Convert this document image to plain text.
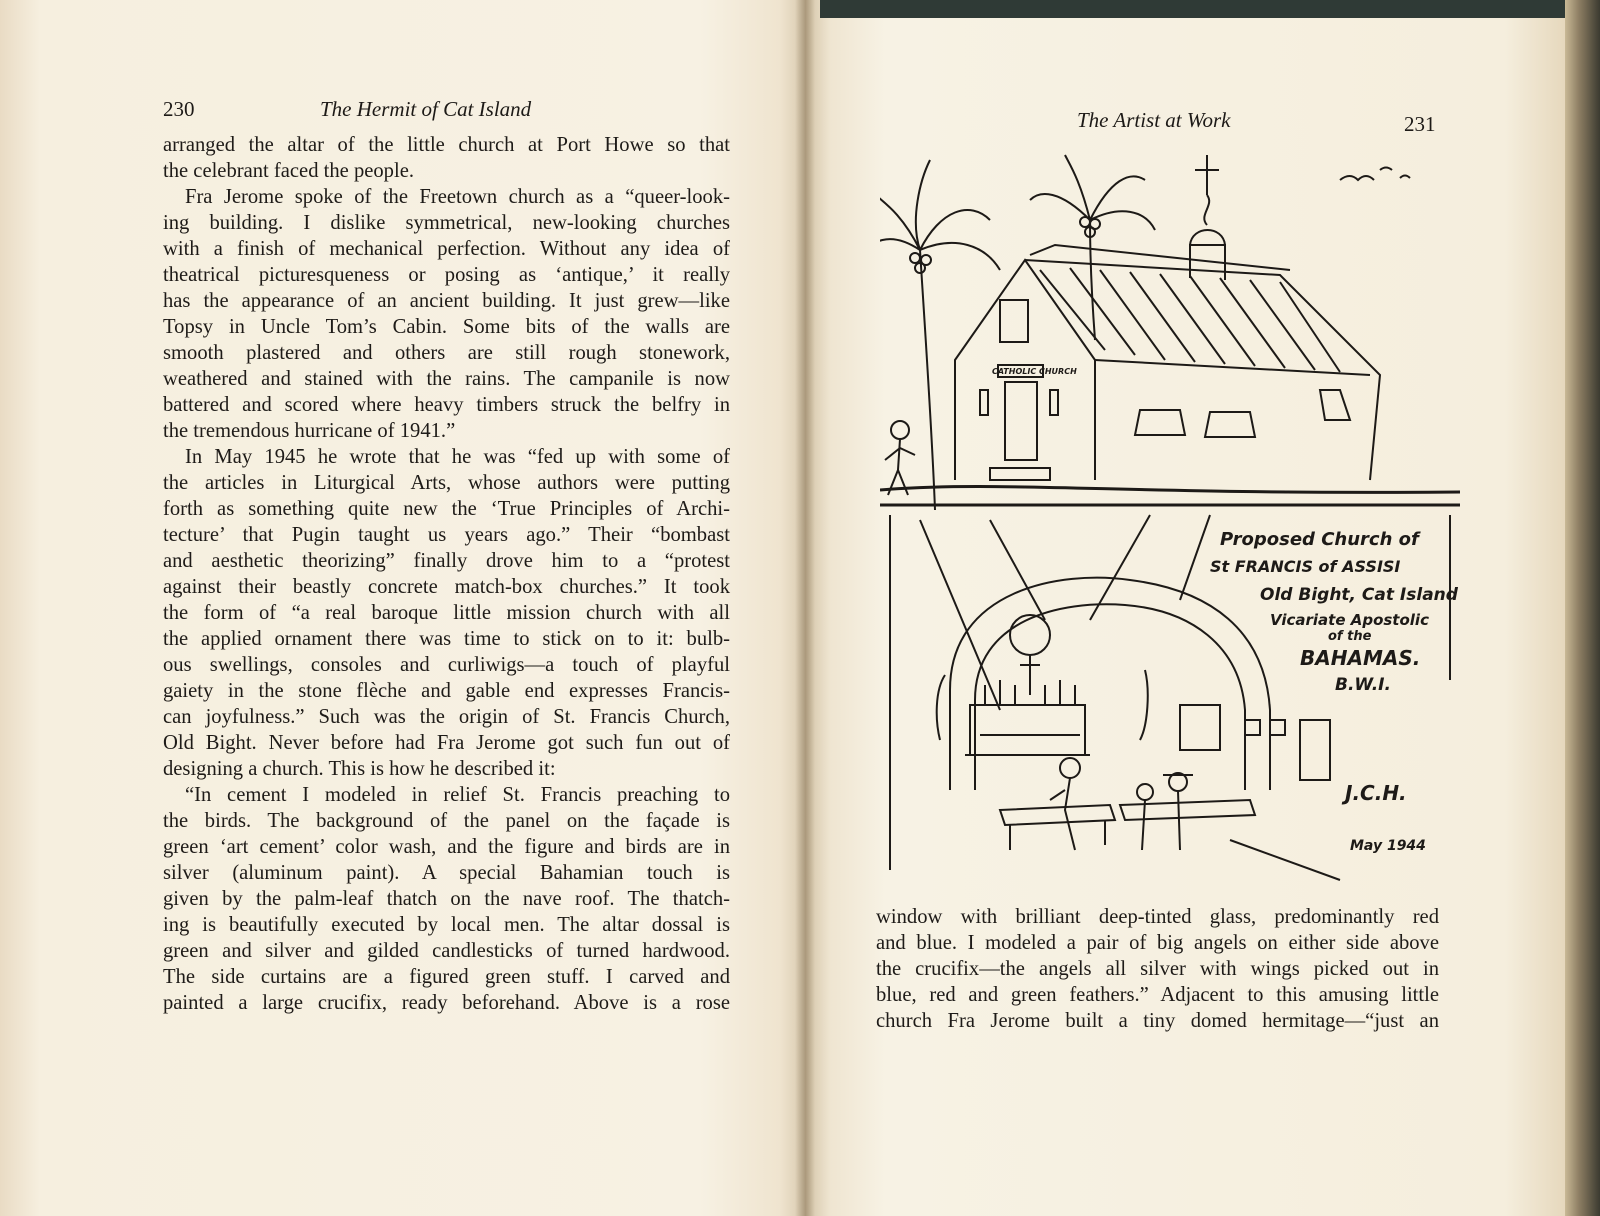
230	The Hermit of Cat Island
arranged the altar of the little church at Port Howe so that
the celebrant faced the people.
Fra Jerome spoke of the Freetown church as a “queer-look-
ing building. I dislike symmetrical, new-looking churches
with a finish of mechanical perfection. Without any idea of
theatrical picturesqueness or posing as ‘antique,’ it really
has the appearance of an ancient building. It just grew—like
Topsy in Uncle Tom’s Cabin. Some bits of the walls are
smooth plastered and others are still rough stonework,
weathered and stained with the rains. The campanile is now
battered and scored where heavy timbers struck the belfry in
the tremendous hurricane of 1941.”
In May 1945 he wrote that he was “fed up with some of
the articles in Liturgical Arts, whose authors were putting
forth as something quite new the ‘True Principles of Archi-
tecture’ that Pugin taught us years ago.” Their “bombast
and aesthetic theorizing” finally drove him to a “protest
against their beastly concrete match-box churches.” It took
the form of “a real baroque little mission church with all
the applied ornament there was time to stick on to it: bulb-
ous swellings, consoles and curliwigs—a touch of playful
gaiety in the stone flèche and gable end expresses Francis-
can joyfulness.” Such was the origin of St. Francis Church,
Old Bight. Never before had Fra Jerome got such fun out of
designing a church. This is how he described it:
“In cement I modeled in relief St. Francis preaching to
the birds. The background of the panel on the façade is
green ‘art cement’ color wash, and the figure and birds are in
silver (aluminum paint). A special Bahamian touch is
given by the palm-leaf thatch on the nave roof. The thatch-
ing is beautifully executed by local men. The altar dossal is
green and silver and gilded candlesticks of turned hardwood.
The side curtains are a figured green stuff. I carved and
painted a large crucifix, ready beforehand. Above is a rose
The Artist at Work	231
Proposed Church of
St FRANCIS of ASSISI
Old Bight, Cat Island
Vicariate Apostolic
of the
BAHAMAS.
B.W.I.
CATHOLIC CHURCH
J.C.H.
May 1944
window with brilliant deep-tinted glass, predominantly red
and blue. I modeled a pair of big angels on either side above
the crucifix—the angels all silver with wings picked out in
blue, red and green feathers.” Adjacent to this amusing little
church Fra Jerome built a tiny domed hermitage—“just an
